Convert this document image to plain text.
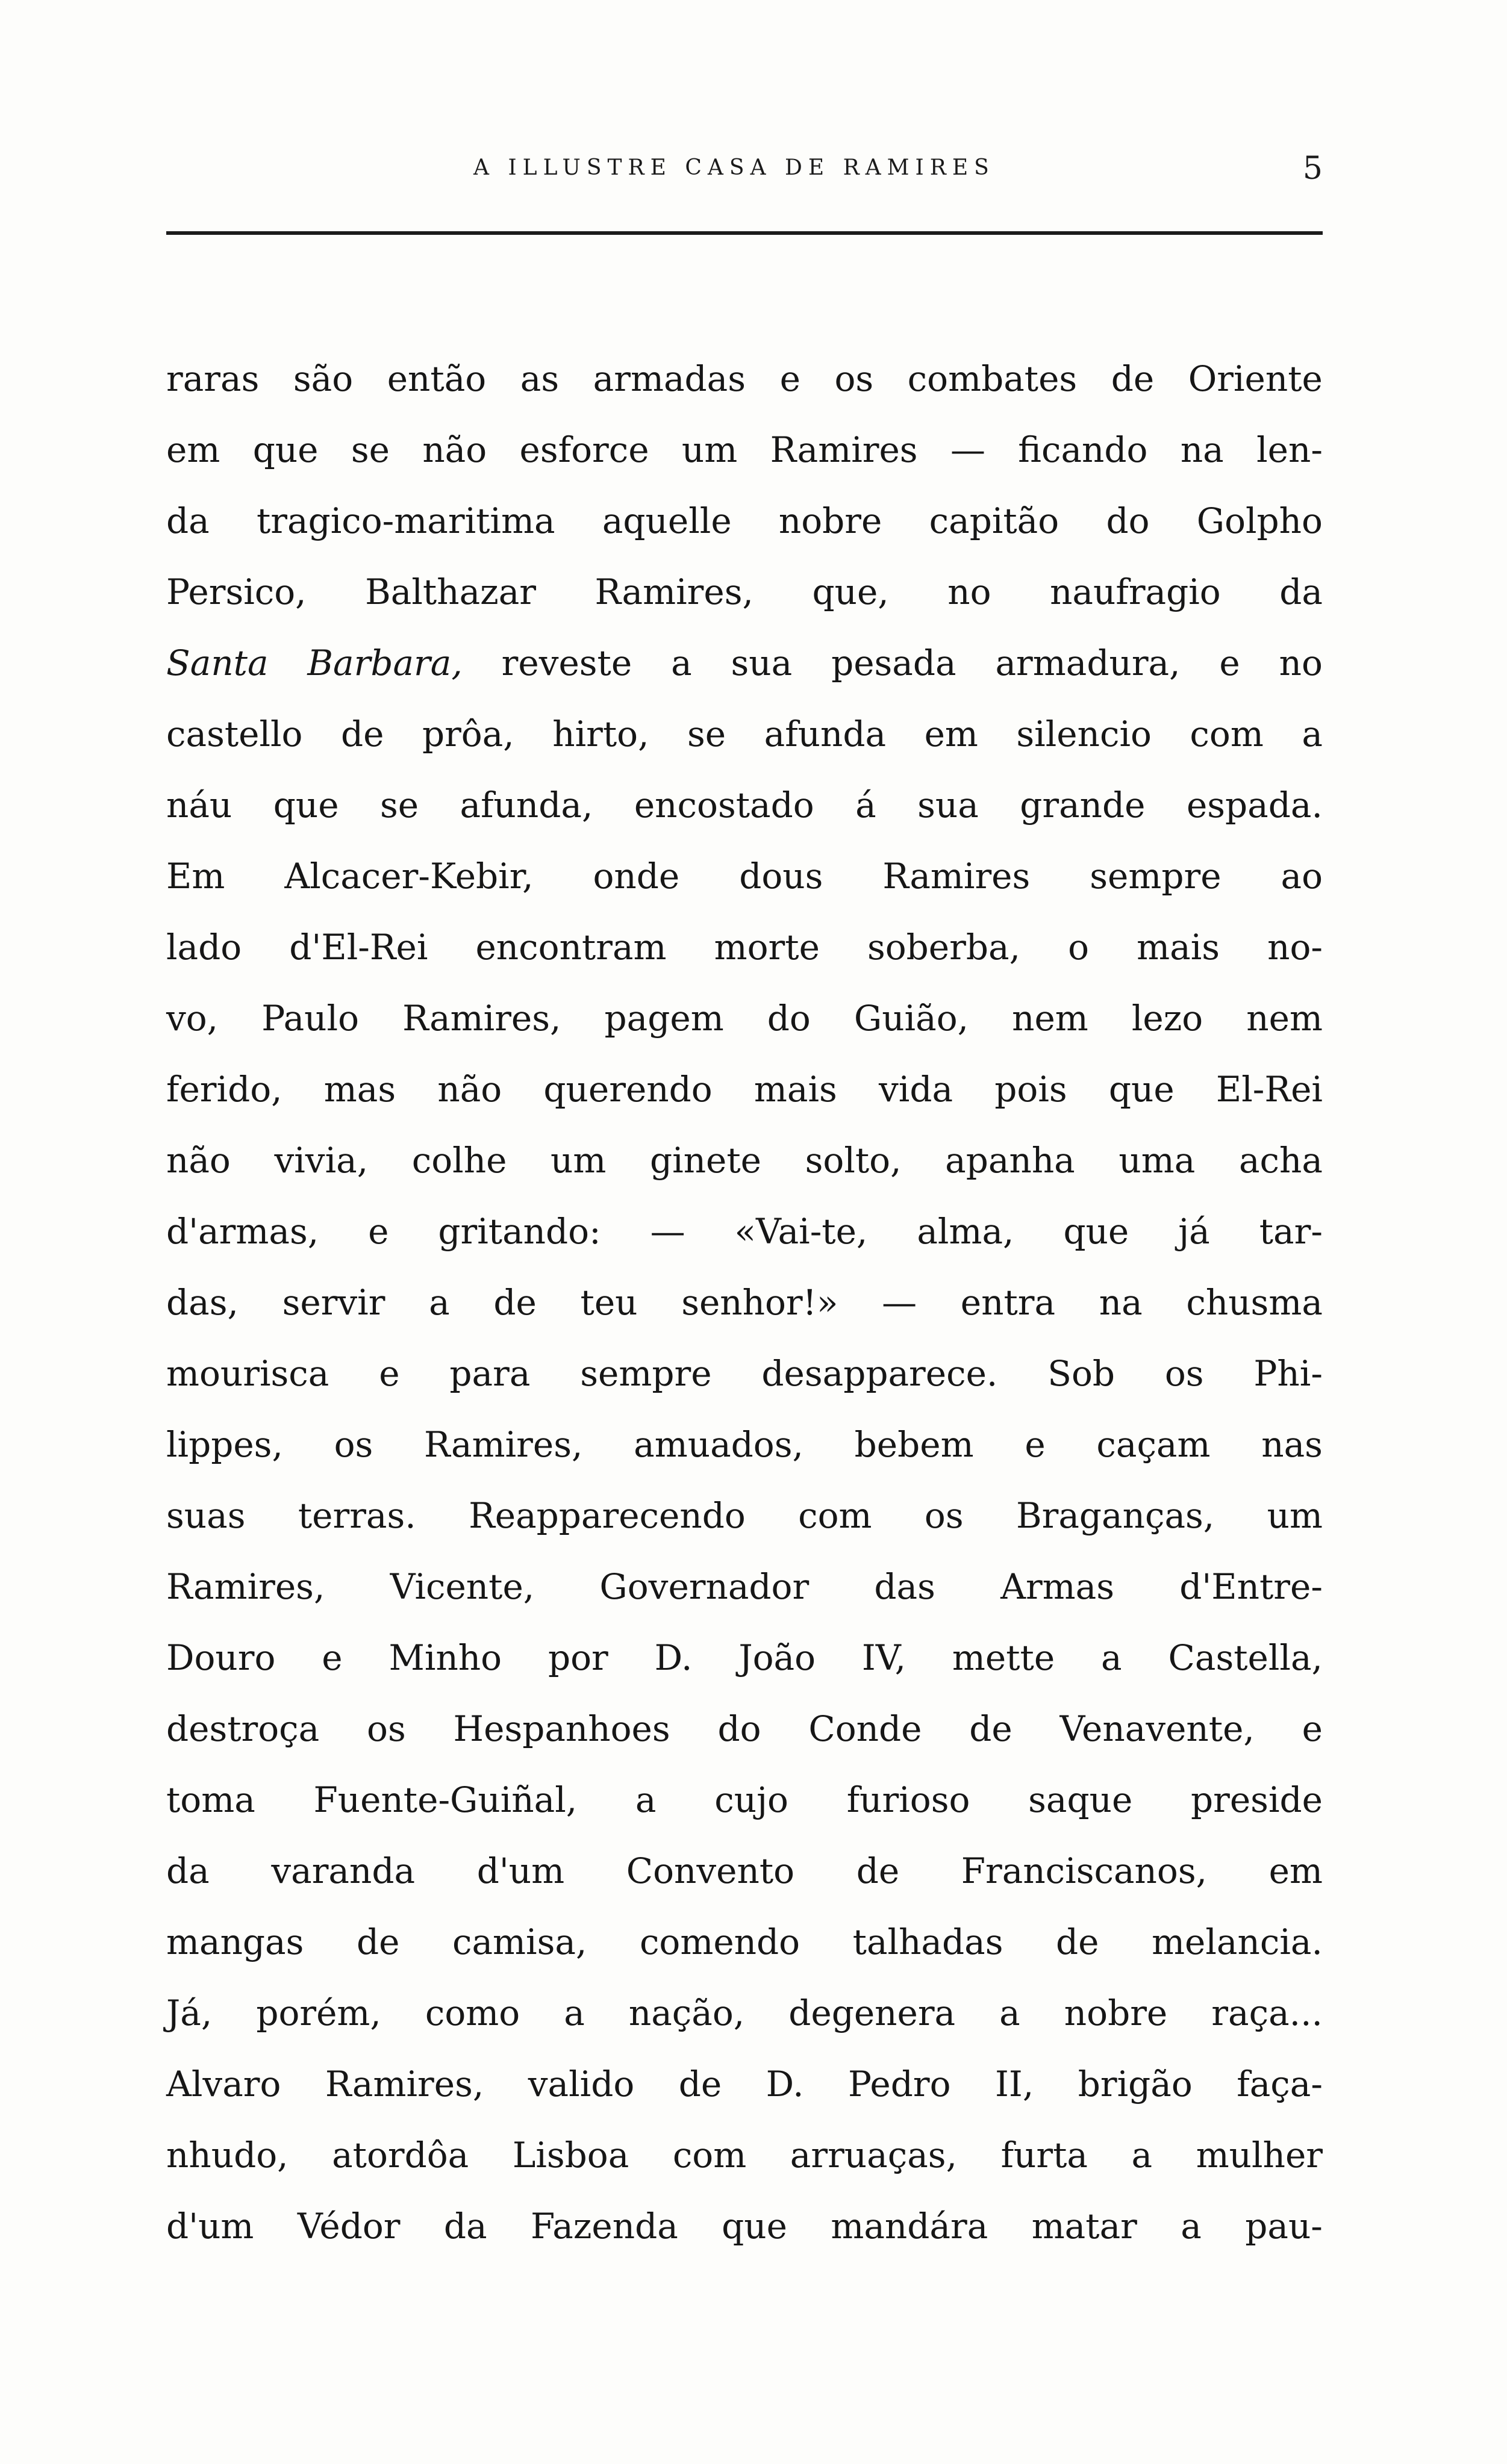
A ILLUSTRE CASA DE RAMIRES	5
raras são então as armadas e os combates de Oriente
em que se não esforce um Ramires — ficando na len-
da tragico-maritima aquelle nobre capitão do Golpho
Persico, Balthazar Ramires, que, no naufragio da
Santa Barbara, reveste a sua pesada armadura, e no
castello de prôa, hirto, se afunda em silencio com a
náu que se afunda, encostado á sua grande espada.
Em Alcacer-Kebir, onde dous Ramires sempre ao
lado d'El-Rei encontram morte soberba, o mais no-
vo, Paulo Ramires, pagem do Guião, nem lezo nem
ferido, mas não querendo mais vida pois que El-Rei
não vivia, colhe um ginete solto, apanha uma acha
d'armas, e gritando: — «Vai-te, alma, que já tar-
das, servir a de teu senhor!» — entra na chusma
mourisca e para sempre desapparece. Sob os Phi-
lippes, os Ramires, amuados, bebem e caçam nas
suas terras. Reapparecendo com os Braganças, um
Ramires, Vicente, Governador das Armas d'Entre-
Douro e Minho por D. João IV, mette a Castella,
destroça os Hespanhoes do Conde de Venavente, e
toma Fuente-Guiñal, a cujo furioso saque preside
da varanda d'um Convento de Franciscanos, em
mangas de camisa, comendo talhadas de melancia.
Já, porém, como a nação, degenera a nobre raça...
Alvaro Ramires, valido de D. Pedro II, brigão faça-
nhudo, atordôa Lisboa com arruaças, furta a mulher
d'um Védor da Fazenda que mandára matar a pau-
